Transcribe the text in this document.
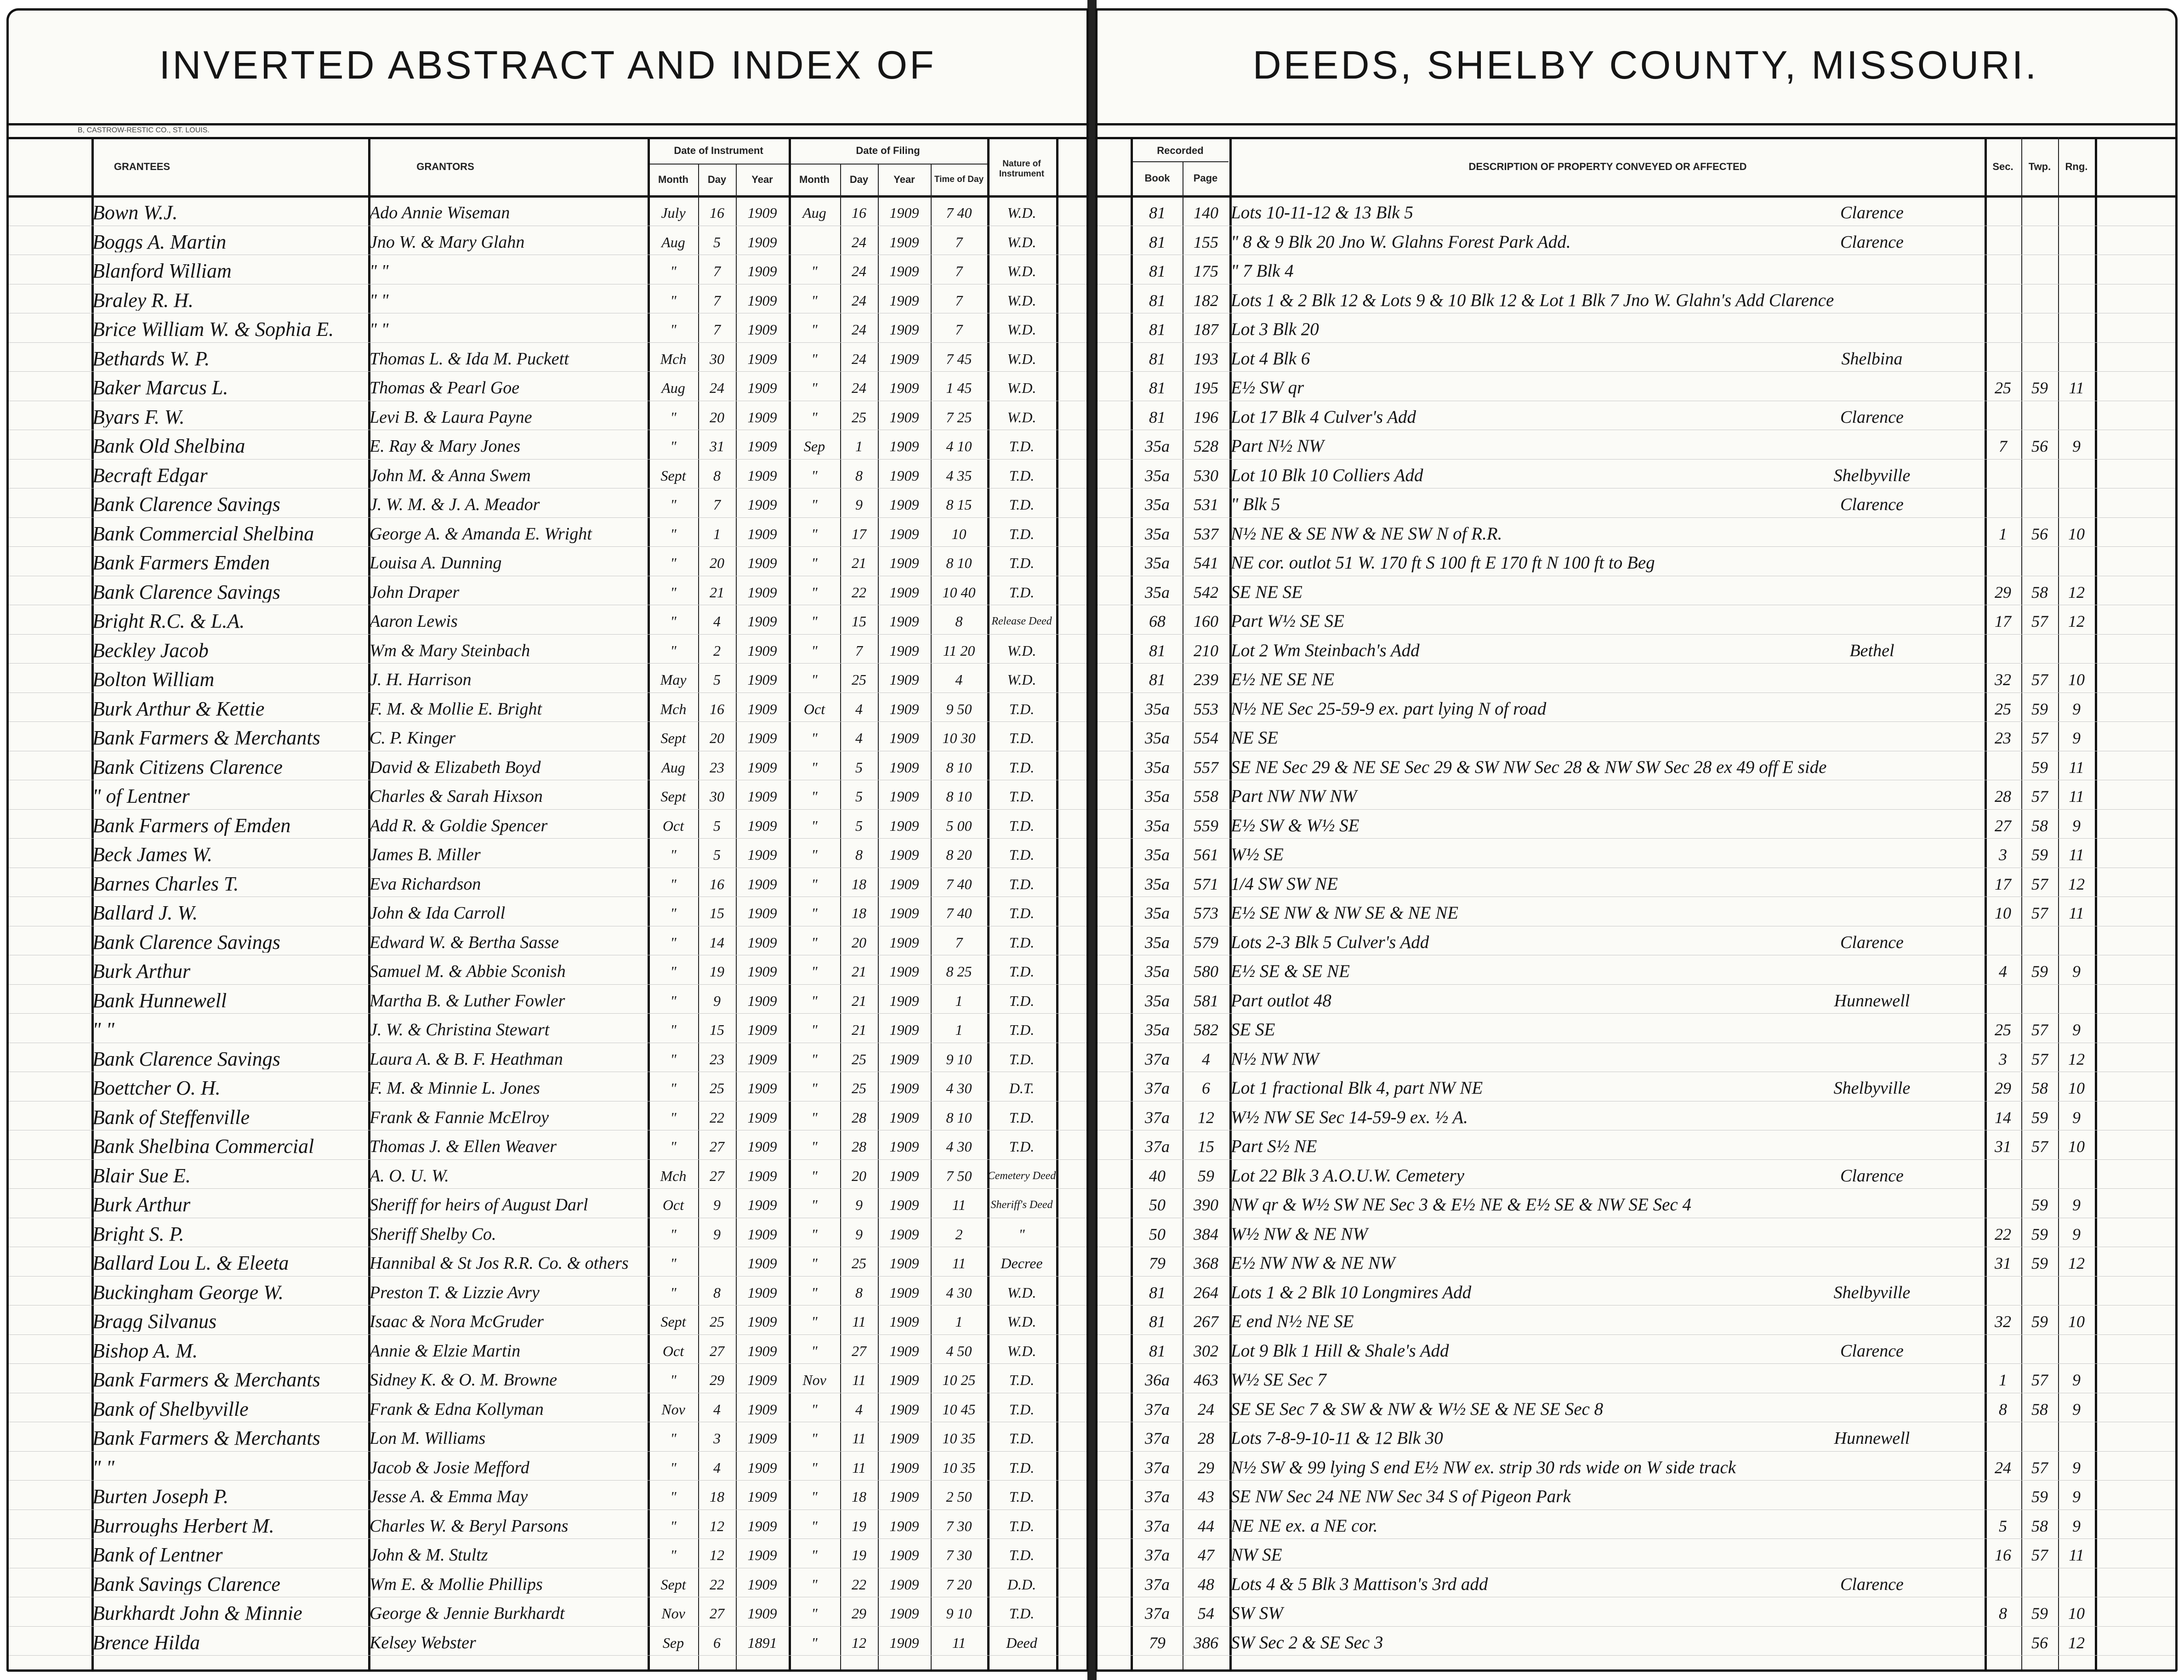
INVERTED ABSTRACT AND INDEX OF
B, CASTROW-RESTIC CO., ST. LOUIS.
GRANTEES	GRANTORS
Date of Instrument
Month	Day	Year
Date of Filing
Month	Day	Year	Time of Day
Nature of Instrument
Bown W.J.	Ado Annie Wiseman	July	16	1909	Aug	16	1909	7 40	W.D.
Boggs A. Martin	Jno W. & Mary Glahn	Aug	5	1909	24	1909	7	W.D.
Blanford William	" "	"	7	1909	"	24	1909	7	W.D.
Braley R. H.	" "	"	7	1909	"	24	1909	7	W.D.
Brice William W. & Sophia E.	" "	"	7	1909	"	24	1909	7	W.D.
Bethards W. P.	Thomas L. & Ida M. Puckett	Mch	30	1909	"	24	1909	7 45	W.D.
Baker Marcus L.	Thomas & Pearl Goe	Aug	24	1909	"	24	1909	1 45	W.D.
Byars F. W.	Levi B. & Laura Payne	"	20	1909	"	25	1909	7 25	W.D.
Bank Old Shelbina	E. Ray & Mary Jones	"	31	1909	Sep	1	1909	4 10	T.D.
Becraft Edgar	John M. & Anna Swem	Sept	8	1909	"	8	1909	4 35	T.D.
Bank Clarence Savings	J. W. M. & J. A. Meador	"	7	1909	"	9	1909	8 15	T.D.
Bank Commercial Shelbina	George A. & Amanda E. Wright	"	1	1909	"	17	1909	10	T.D.
Bank Farmers Emden	Louisa A. Dunning	"	20	1909	"	21	1909	8 10	T.D.
Bank Clarence Savings	John Draper	"	21	1909	"	22	1909	10 40	T.D.
Bright R.C. & L.A.	Aaron Lewis	"	4	1909	"	15	1909	8	Release Deed
Beckley Jacob	Wm & Mary Steinbach	"	2	1909	"	7	1909	11 20	W.D.
Bolton William	J. H. Harrison	May	5	1909	"	25	1909	4	W.D.
Burk Arthur & Kettie	F. M. & Mollie E. Bright	Mch	16	1909	Oct	4	1909	9 50	T.D.
Bank Farmers & Merchants	C. P. Kinger	Sept	20	1909	"	4	1909	10 30	T.D.
Bank Citizens Clarence	David & Elizabeth Boyd	Aug	23	1909	"	5	1909	8 10	T.D.
" of Lentner	Charles & Sarah Hixson	Sept	30	1909	"	5	1909	8 10	T.D.
Bank Farmers of Emden	Add R. & Goldie Spencer	Oct	5	1909	"	5	1909	5 00	T.D.
Beck James W.	James B. Miller	"	5	1909	"	8	1909	8 20	T.D.
Barnes Charles T.	Eva Richardson	"	16	1909	"	18	1909	7 40	T.D.
Ballard J. W.	John & Ida Carroll	"	15	1909	"	18	1909	7 40	T.D.
Bank Clarence Savings	Edward W. & Bertha Sasse	"	14	1909	"	20	1909	7	T.D.
Burk Arthur	Samuel M. & Abbie Sconish	"	19	1909	"	21	1909	8 25	T.D.
Bank Hunnewell	Martha B. & Luther Fowler	"	9	1909	"	21	1909	1	T.D.
" "	J. W. & Christina Stewart	"	15	1909	"	21	1909	1	T.D.
Bank Clarence Savings	Laura A. & B. F. Heathman	"	23	1909	"	25	1909	9 10	T.D.
Boettcher O. H.	F. M. & Minnie L. Jones	"	25	1909	"	25	1909	4 30	D.T.
Bank of Steffenville	Frank & Fannie McElroy	"	22	1909	"	28	1909	8 10	T.D.
Bank Shelbina Commercial	Thomas J. & Ellen Weaver	"	27	1909	"	28	1909	4 30	T.D.
Blair Sue E.	A. O. U. W.	Mch	27	1909	"	20	1909	7 50	Cemetery Deed
Burk Arthur	Sheriff for heirs of August Darl	Oct	9	1909	"	9	1909	11	Sheriff's Deed
Bright S. P.	Sheriff Shelby Co.	"	9	1909	"	9	1909	2	"
Ballard Lou L. & Eleeta	Hannibal & St Jos R.R. Co. & others	"	1909	"	25	1909	11	Decree
Buckingham George W.	Preston T. & Lizzie Avry	"	8	1909	"	8	1909	4 30	W.D.
Bragg Silvanus	Isaac & Nora McGruder	Sept	25	1909	"	11	1909	1	W.D.
Bishop A. M.	Annie & Elzie Martin	Oct	27	1909	"	27	1909	4 50	W.D.
Bank Farmers & Merchants	Sidney K. & O. M. Browne	"	29	1909	Nov	11	1909	10 25	T.D.
Bank of Shelbyville	Frank & Edna Kollyman	Nov	4	1909	"	4	1909	10 45	T.D.
Bank Farmers & Merchants	Lon M. Williams	"	3	1909	"	11	1909	10 35	T.D.
" "	Jacob & Josie Mefford	"	4	1909	"	11	1909	10 35	T.D.
Burten Joseph P.	Jesse A. & Emma May	"	18	1909	"	18	1909	2 50	T.D.
Burroughs Herbert M.	Charles W. & Beryl Parsons	"	12	1909	"	19	1909	7 30	T.D.
Bank of Lentner	John & M. Stultz	"	12	1909	"	19	1909	7 30	T.D.
Bank Savings Clarence	Wm E. & Mollie Phillips	Sept	22	1909	"	22	1909	7 20	D.D.
Burkhardt John & Minnie	George & Jennie Burkhardt	Nov	27	1909	"	29	1909	9 10	T.D.
Brence Hilda	Kelsey Webster	Sep	6	1891	"	12	1909	11	Deed
DEEDS, SHELBY COUNTY, MISSOURI.
Recorded
Book	Page
DESCRIPTION OF PROPERTY CONVEYED OR AFFECTED	Sec.	Twp.	Rng.
81	140 Lots 10-11-12 & 13 Blk 5	Clarence
81	155 " 8 & 9 Blk 20 Jno W. Glahns Forest Park Add.	Clarence
81	175 " 7 Blk 4
81	182 Lots 1 & 2 Blk 12 & Lots 9 & 10 Blk 12 & Lot 1 Blk 7 Jno W. Glahn's Add Clarence
81	187 Lot 3 Blk 20
81	193 Lot 4 Blk 6	Shelbina
81	195 E½ SW qr	25	59	11
81	196 Lot 17 Blk 4 Culver's Add	Clarence
35a	528 Part N½ NW	7	56	9
35a	530 Lot 10 Blk 10 Colliers Add	Shelbyville
35a	531 " Blk 5	Clarence
35a	537 N½ NE & SE NW & NE SW N of R.R.	1	56	10
35a	541 NE cor. outlot 51 W. 170 ft S 100 ft E 170 ft N 100 ft to Beg
35a	542 SE NE SE	29	58	12
68	160 Part W½ SE SE	17	57	12
81	210 Lot 2 Wm Steinbach's Add	Bethel
81	239 E½ NE SE NE	32	57	10
35a	553 N½ NE Sec 25-59-9 ex. part lying N of road	25	59	9
35a	554 NE SE	23	57	9
35a	557 SE NE Sec 29 & NE SE Sec 29 & SW NW Sec 28 & NW SW Sec 28 ex 49 off E side	59	11
35a	558 Part NW NW NW	28	57	11
35a	559 E½ SW & W½ SE	27	58	9
35a	561 W½ SE	3	59	11
35a	571 1/4 SW SW NE	17	57	12
35a	573 E½ SE NW & NW SE & NE NE	10	57	11
35a	579 Lots 2-3 Blk 5 Culver's Add	Clarence
35a	580 E½ SE & SE NE	4	59	9
35a	581 Part outlot 48	Hunnewell
35a	582 SE SE	25	57	9
37a	4	N½ NW NW	3	57	12
37a	6	Lot 1 fractional Blk 4, part NW NE	Shelbyville	29	58	10
37a	12 W½ NW SE Sec 14-59-9 ex. ½ A.	14	59	9
37a	15 Part S½ NE	31	57	10
40	59 Lot 22 Blk 3 A.O.U.W. Cemetery	Clarence
50	390 NW qr & W½ SW NE Sec 3 & E½ NE & E½ SE & NW SE Sec 4	59	9
50	384 W½ NW & NE NW	22	59	9
79	368 E½ NW NW & NE NW	31	59	12
81	264 Lots 1 & 2 Blk 10 Longmires Add	Shelbyville
81	267 E end N½ NE SE	32	59	10
81	302 Lot 9 Blk 1 Hill & Shale's Add	Clarence
36a	463 W½ SE Sec 7	1	57	9
37a	24 SE SE Sec 7 & SW & NW & W½ SE & NE SE Sec 8	8	58	9
37a	28 Lots 7-8-9-10-11 & 12 Blk 30	Hunnewell
37a	29 N½ SW & 99 lying S end E½ NW ex. strip 30 rds wide on W side track	24	57	9
37a	43 SE NW Sec 24 NE NW Sec 34 S of Pigeon Park	59	9
37a	44 NE NE ex. a NE cor.	5	58	9
37a	47 NW SE	16	57	11
37a	48 Lots 4 & 5 Blk 3 Mattison's 3rd add	Clarence
37a	54 SW SW	8	59	10
79	386 SW Sec 2 & SE Sec 3	56	12
